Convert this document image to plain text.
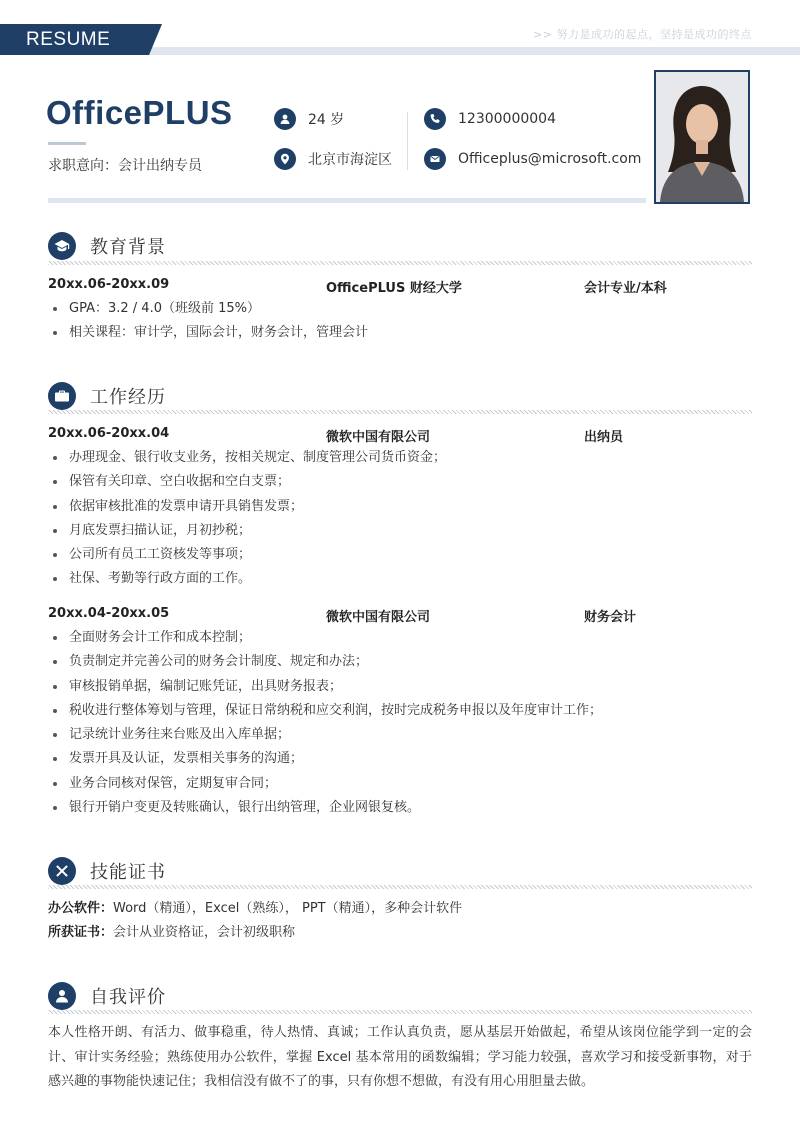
RESUME	>> 努力是成功的起点，坚持是成功的终点
OfficePLUS
求职意向：会计出纳专员
24 岁
北京市海淀区
12300000004
Officeplus@microsoft.com
教育背景
20xx.06-20xx.09	OfficePLUS 财经大学	会计专业/本科
GPA：3.2 / 4.0（班级前 15%）
相关课程：审计学，国际会计，财务会计，管理会计
工作经历
20xx.06-20xx.04	微软中国有限公司	出纳员
办理现金、银行收支业务，按相关规定、制度管理公司货币资金；
保管有关印章、空白收据和空白支票；
依据审核批准的发票申请开具销售发票；
月底发票扫描认证，月初抄税；
公司所有员工工资核发等事项；
社保、考勤等行政方面的工作。
20xx.04-20xx.05	微软中国有限公司	财务会计
全面财务会计工作和成本控制；
负责制定并完善公司的财务会计制度、规定和办法；
审核报销单据，编制记账凭证，出具财务报表；
税收进行整体筹划与管理，保证日常纳税和应交利润，按时完成税务申报以及年度审计工作；
记录统计业务往来台账及出入库单据；
发票开具及认证，发票相关事务的沟通；
业务合同核对保管，定期复审合同；
银行开销户变更及转账确认，银行出纳管理，企业网银复核。
技能证书
办公软件：Word（精通），Excel（熟练）， PPT（精通），多种会计软件
所获证书：会计从业资格证，会计初级职称
自我评价
本人性格开朗、有活力、做事稳重，待人热情、真诚；工作认真负责，愿从基层开始做起，希望从该岗位能学到一定的会计、审计实务经验；熟练使用办公软件，掌握 Excel 基本常用的函数编辑；学习能力较强，喜欢学习和接受新事物，对于感兴趣的事物能快速记住；我相信没有做不了的事，只有你想不想做，有没有用心用胆量去做。
